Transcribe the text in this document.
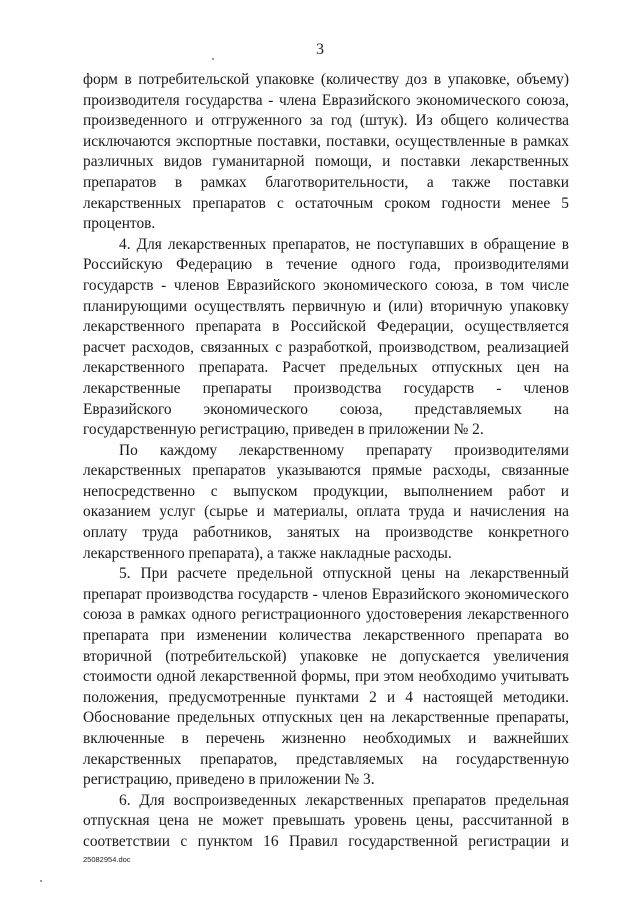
3

форм в потребительской упаковке (количеству доз в упаковке, объему) производителя государства - члена Евразийского экономического союза, произведенного и отгруженного за год (штук). Из общего количества исключаются экспортные поставки, поставки, осуществленные в рамках различных видов гуманитарной помощи, и поставки лекарственных препаратов в рамках благотворительности, а также поставки лекарственных препаратов с остаточным сроком годности менее 5 процентов.

4. Для лекарственных препаратов, не поступавших в обращение в Российскую Федерацию в течение одного года, производителями государств - членов Евразийского экономического союза, в том числе планирующими осуществлять первичную и (или) вторичную упаковку лекарственного препарата в Российской Федерации, осуществляется расчет расходов, связанных с разработкой, производством, реализацией лекарственного препарата. Расчет предельных отпускных цен на лекарственные препараты производства государств - членов Евразийского экономического союза, представляемых на государственную регистрацию, приведен в приложении № 2.

По каждому лекарственному препарату производителями лекарственных препаратов указываются прямые расходы, связанные непосредственно с выпуском продукции, выполнением работ и оказанием услуг (сырье и материалы, оплата труда и начисления на оплату труда работников, занятых на производстве конкретного лекарственного препарата), а также накладные расходы.

5. При расчете предельной отпускной цены на лекарственный препарат производства государств - членов Евразийского экономического союза в рамках одного регистрационного удостоверения лекарственного препарата при изменении количества лекарственного препарата во вторичной (потребительской) упаковке не допускается увеличения стоимости одной лекарственной формы, при этом необходимо учитывать положения, предусмотренные пунктами 2 и 4 настоящей методики. Обоснование предельных отпускных цен на лекарственные препараты, включенные в перечень жизненно необходимых и важнейших лекарственных препаратов, представляемых на государственную регистрацию, приведено в приложении № 3.

6. Для воспроизведенных лекарственных препаратов предельная отпускная цена не может превышать уровень цены, рассчитанной в соответствии с пунктом 16 Правил государственной регистрации и

25082954.doc
